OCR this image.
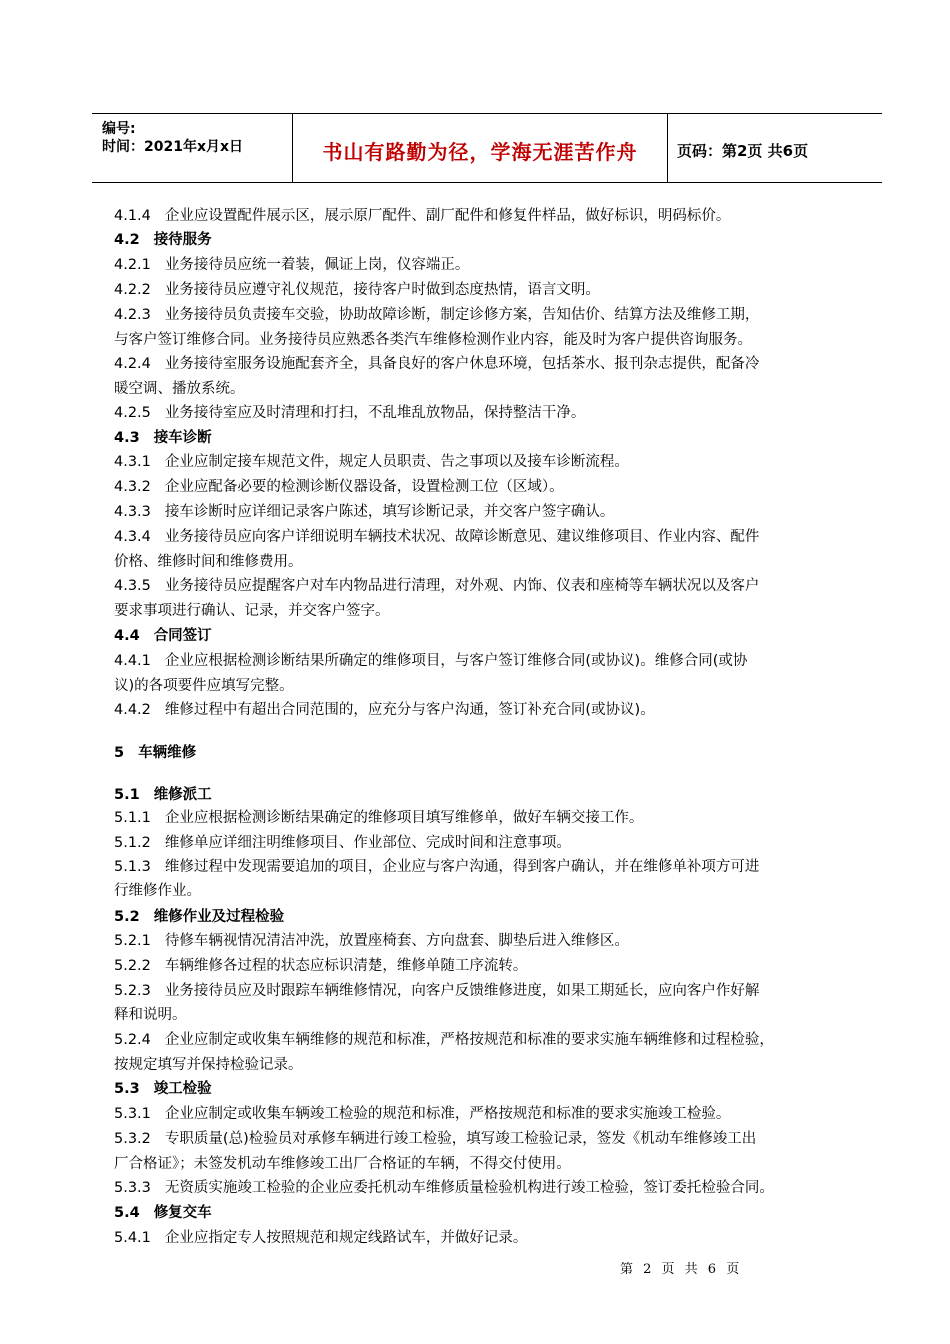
编号:
时间：2021年x月x日	书山有路勤为径，学海无涯苦作舟	页码：第2页 共6页
4.1.4 企业应设置配件展示区，展示原厂配件、副厂配件和修复件样品，做好标识，明码标价。
4.2 接待服务
4.2.1 业务接待员应统一着装，佩证上岗，仪容端正。
4.2.2 业务接待员应遵守礼仪规范，接待客户时做到态度热情，语言文明。
4.2.3 业务接待员负责接车交验，协助故障诊断，制定诊修方案，告知估价、结算方法及维修工期，
与客户签订维修合同。业务接待员应熟悉各类汽车维修检测作业内容，能及时为客户提供咨询服务。
4.2.4 业务接待室服务设施配套齐全，具备良好的客户休息环境，包括茶水、报刊杂志提供，配备冷
暖空调、播放系统。
4.2.5 业务接待室应及时清理和打扫，不乱堆乱放物品，保持整洁干净。
4.3 接车诊断
4.3.1 企业应制定接车规范文件，规定人员职责、告之事项以及接车诊断流程。
4.3.2 企业应配备必要的检测诊断仪器设备，设置检测工位（区域）。
4.3.3 接车诊断时应详细记录客户陈述，填写诊断记录，并交客户签字确认。
4.3.4 业务接待员应向客户详细说明车辆技术状况、故障诊断意见、建议维修项目、作业内容、配件
价格、维修时间和维修费用。
4.3.5 业务接待员应提醒客户对车内物品进行清理，对外观、内饰、仪表和座椅等车辆状况以及客户
要求事项进行确认、记录，并交客户签字。
4.4 合同签订
4.4.1 企业应根据检测诊断结果所确定的维修项目，与客户签订维修合同(或协议)。维修合同(或协
议)的各项要件应填写完整。
4.4.2 维修过程中有超出合同范围的，应充分与客户沟通，签订补充合同(或协议)。
5 车辆维修
5.1 维修派工
5.1.1 企业应根据检测诊断结果确定的维修项目填写维修单，做好车辆交接工作。
5.1.2 维修单应详细注明维修项目、作业部位、完成时间和注意事项。
5.1.3 维修过程中发现需要追加的项目，企业应与客户沟通，得到客户确认，并在维修单补项方可进
行维修作业。
5.2 维修作业及过程检验
5.2.1 待修车辆视情况清洁冲洗，放置座椅套、方向盘套、脚垫后进入维修区。
5.2.2 车辆维修各过程的状态应标识清楚，维修单随工序流转。
5.2.3 业务接待员应及时跟踪车辆维修情况，向客户反馈维修进度，如果工期延长，应向客户作好解
释和说明。
5.2.4 企业应制定或收集车辆维修的规范和标准，严格按规范和标准的要求实施车辆维修和过程检验，
按规定填写并保持检验记录。
5.3 竣工检验
5.3.1 企业应制定或收集车辆竣工检验的规范和标准，严格按规范和标准的要求实施竣工检验。
5.3.2 专职质量(总)检验员对承修车辆进行竣工检验，填写竣工检验记录，签发《机动车维修竣工出
厂合格证》；未签发机动车维修竣工出厂合格证的车辆，不得交付使用。
5.3.3 无资质实施竣工检验的企业应委托机动车维修质量检验机构进行竣工检验，签订委托检验合同。
5.4 修复交车
5.4.1 企业应指定专人按照规范和规定线路试车，并做好记录。
第 2 页 共 6 页
